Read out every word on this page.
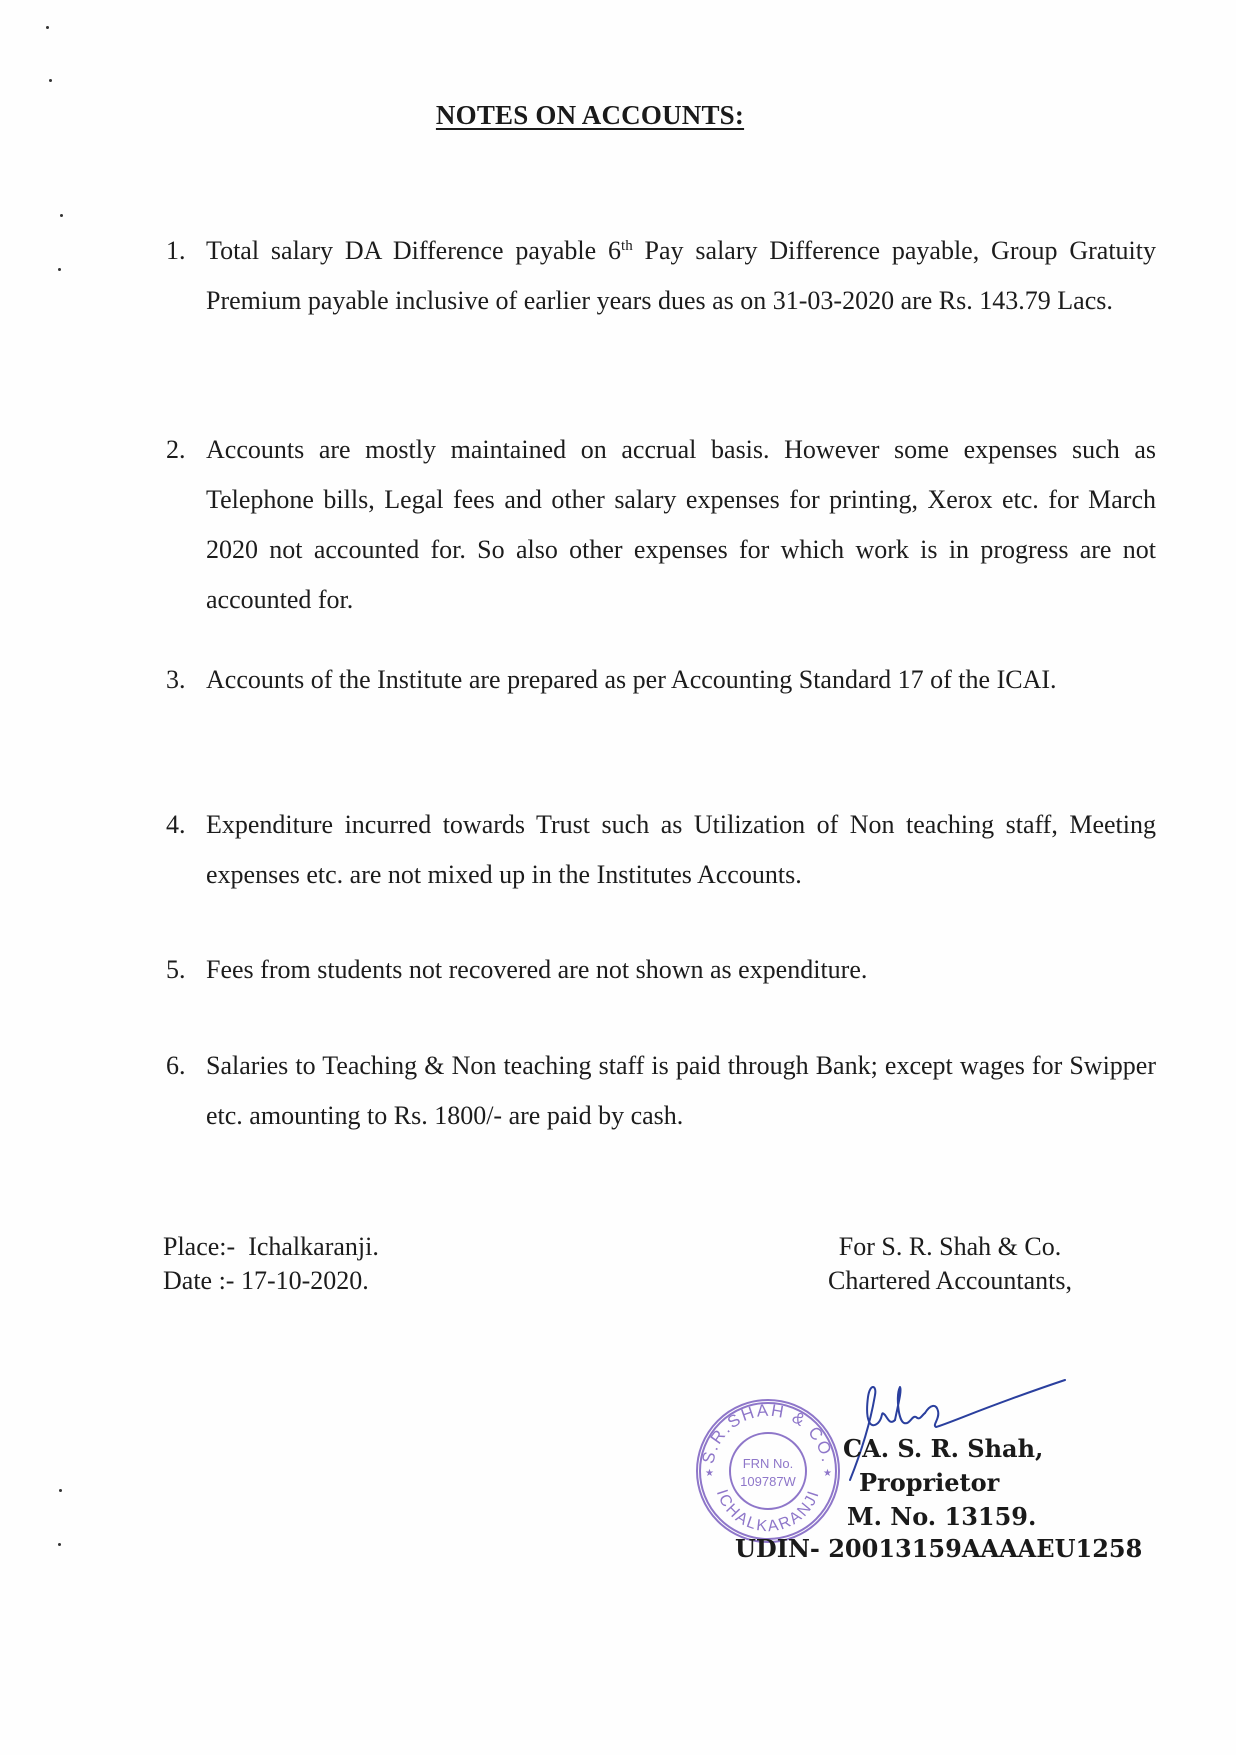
NOTES ON ACCOUNTS:
1. Total salary DA Difference payable 6th Pay salary Difference payable, Group Gratuity Premium payable inclusive of earlier years dues as on 31-03-2020 are Rs. 143.79 Lacs.
2. Accounts are mostly maintained on accrual basis. However some expenses such as Telephone bills, Legal fees and other salary expenses for printing, Xerox etc. for March 2020 not accounted for. So also other expenses for which work is in progress are not accounted for.
3. Accounts of the Institute are prepared as per Accounting Standard 17 of the ICAI.
4. Expenditure incurred towards Trust such as Utilization of Non teaching staff, Meeting expenses etc. are not mixed up in the Institutes Accounts.
5. Fees from students not recovered are not shown as expenditure.
6. Salaries to Teaching & Non teaching staff is paid through Bank; except wages for Swipper etc. amounting to Rs. 1800/- are paid by cash.
Place:- Ichalkaranji.
Date :- 17-10-2020.
For S. R. Shah & Co.
Chartered Accountants,
S.R.SHAH & CO.
ICHALKARANJI
FRN No.
109787W
★	★
CA. S. R. Shah,
Proprietor
M. No. 13159.
UDIN- 20013159AAAAEU1258
